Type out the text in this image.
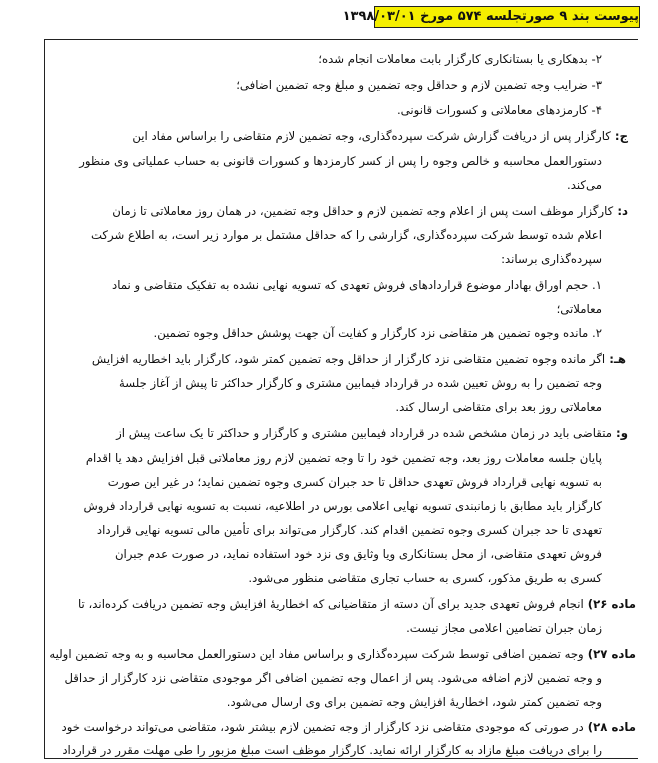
پیوست بند ۹ صورتجلسه ۵۷۴ مورخ ۱۳۹۸/۰۳/۰۱

۲- بدهکاری یا بستانکاری کارگزار بابت معاملات انجام شده؛

۳- ضرایب وجه تضمین لازم و حداقل وجه تضمین و مبلغ وجه تضمین اضافی؛

۴- کارمزدهای معاملاتی و کسورات قانونی.

ج: کارگزار پس از دریافت گزارش شرکت سپرده‌گذاری، وجه تضمین لازم متقاضی را براساس مفاد این

دستورالعمل محاسبه و خالص وجوه را پس از کسر کارمزدها و کسورات قانونی به حساب عملیاتی وی منظور

می‌کند.

د: کارگزار موظف است پس از اعلام وجه تضمین لازم و حداقل وجه تضمین، در همان روز معاملاتی تا زمان

اعلام شده توسط شرکت سپرده‌گذاری، گزارشی را که حداقل مشتمل بر موارد زیر است، به اطلاع شرکت

سپرده‌گذاری برساند:

۱. حجم اوراق بهادار موضوع قراردادهای فروش تعهدی که تسویه نهایی نشده به تفکیک متقاضی و نماد

معاملاتی؛

۲. مانده وجوه تضمین هر متقاضی نزد کارگزار و کفایت آن جهت پوشش حداقل وجوه تضمین.

هـ: اگر مانده وجوه تضمین متقاضی نزد کارگزار از حداقل وجه تضمین کمتر شود، کارگزار باید اخطاریه افزایش

وجه تضمین را به روش تعیین شده در قرارداد فیمابین مشتری و کارگزار حداکثر تا پیش از آغاز جلسهٔ

معاملاتی روز بعد برای متقاضی ارسال کند.

و: متقاضی باید در زمان مشخص شده در قرارداد فیمابین مشتری و کارگزار و حداکثر تا یک ساعت پیش از

پایان جلسه معاملات روز بعد، وجه تضمین خود را تا وجه تضمین لازم روز معاملاتی قبل افزایش دهد یا اقدام

به تسویه نهایی قرارداد فروش تعهدی حداقل تا حد جبران کسری وجوه تضمین نماید؛ در غیر این صورت

کارگزار باید مطابق با زمانبندی تسویه نهایی اعلامی بورس در اطلاعیه، نسبت به تسویه نهایی قرارداد فروش

تعهدی تا حد جبران کسری وجوه تضمین اقدام کند. کارگزار می‌تواند برای تأمین مالی تسویه نهایی قرارداد

فروش تعهدی متقاضی، از محل بستانکاری ویا وثایق وی نزد خود استفاده نماید، در صورت عدم جبران

کسری به طریق مذکور، کسری به حساب تجاری متقاضی منظور می‌شود.

ماده ۲۶) انجام فروش تعهدی جدید برای آن دسته از متقاضیانی که اخطاریهٔ افزایش وجه تضمین دریافت کرده‌اند، تا

زمان جبران تضامین اعلامی مجاز نیست.

ماده ۲۷) وجه تضمین اضافی توسط شرکت سپرده‌گذاری و براساس مفاد این دستورالعمل محاسبه و به وجه تضمین اولیه

و وجه تضمین لازم اضافه می‌شود. پس از اعمال وجه تضمین اضافی اگر موجودی متقاضی نزد کارگزار از حداقل

وجه تضمین کمتر شود، اخطاریهٔ افزایش وجه تضمین برای وی ارسال می‌شود.

ماده ۲۸) در صورتی که موجودی متقاضی نزد کارگزار از وجه تضمین لازم بیشتر شود، متقاضی می‌تواند درخواست خود

را برای دریافت مبلغ مازاد به کارگزار ارائه نماید. کارگزار موظف است مبلغ مزبور را طی مهلت مقرر در قرارداد
